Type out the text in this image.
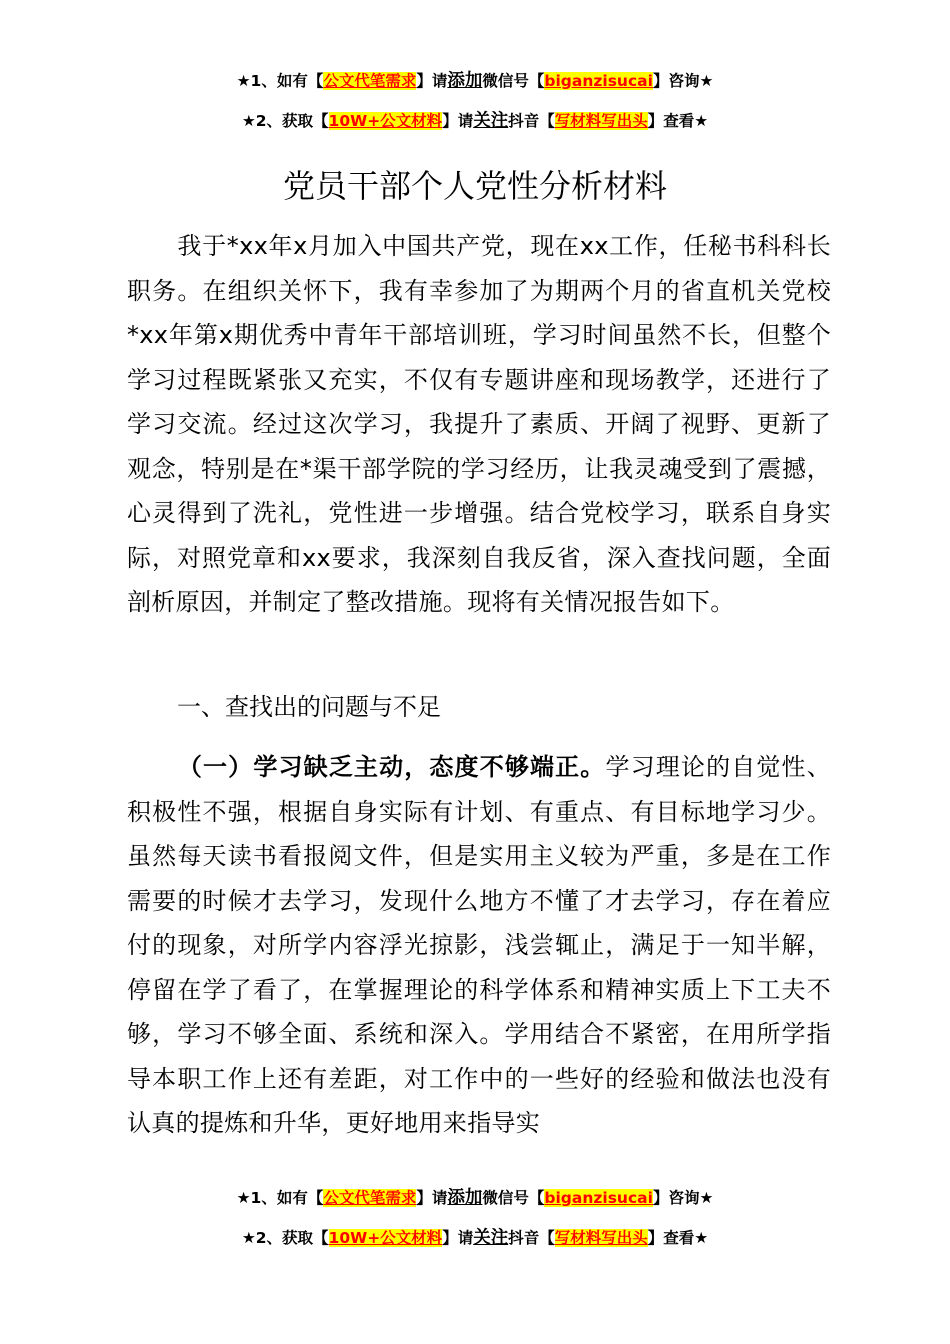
★1、如有【公文代笔需求】请添加微信号【biganzisucai】咨询★
★2、获取【10W+公文材料】请关注抖音【写材料写出头】查看★
党员干部个人党性分析材料

我于*xx年x月加入中国共产党，现在xx工作，任秘书科科长职务。在组织关怀下，我有幸参加了为期两个月的省直机关党校*xx年第x期优秀中青年干部培训班，学习时间虽然不长，但整个学习过程既紧张又充实，不仅有专题讲座和现场教学，还进行了学习交流。经过这次学习，我提升了素质、开阔了视野、更新了观念，特别是在*渠干部学院的学习经历，让我灵魂受到了震撼，心灵得到了洗礼，党性进一步增强。结合党校学习，联系自身实际，对照党章和xx要求，我深刻自我反省，深入查找问题，全面剖析原因，并制定了整改措施。现将有关情况报告如下。

一、查找出的问题与不足

（一）学习缺乏主动，态度不够端正。学习理论的自觉性、积极性不强，根据自身实际有计划、有重点、有目标地学习少。虽然每天读书看报阅文件，但是实用主义较为严重，多是在工作需要的时候才去学习，发现什么地方不懂了才去学习，存在着应付的现象，对所学内容浮光掠影，浅尝辄止，满足于一知半解，停留在学了看了，在掌握理论的科学体系和精神实质上下工夫不够，学习不够全面、系统和深入。学用结合不紧密，在用所学指导本职工作上还有差距，对工作中的一些好的经验和做法也没有认真的提炼和升华，更好地用来指导实

★1、如有【公文代笔需求】请添加微信号【biganzisucai】咨询★
★2、获取【10W+公文材料】请关注抖音【写材料写出头】查看★
